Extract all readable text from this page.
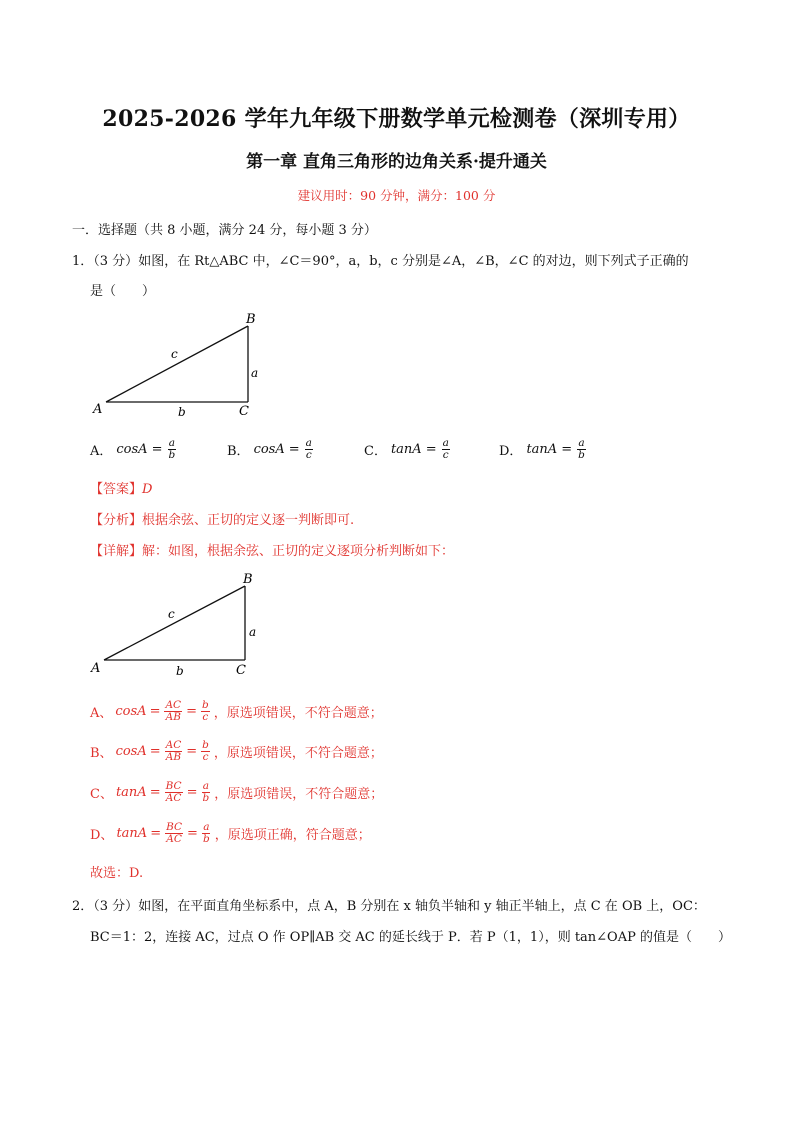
2025-2026 学年九年级下册数学单元检测卷（深圳专用）
第一章 直角三角形的边角关系·提升通关
建议用时：90 分钟，满分：100 分
一．选择题（共 8 小题，满分 24 分，每小题 3 分）
1．（3 分）如图，在 Rt△ABC 中，∠C＝90°，a，b，c 分别是∠A，∠B，∠C 的对边，则下列式子正确的
是（　　）
A
B
C
a
b
c
A． $\cos A = \frac{a}{b}$	B． $\cos A = \frac{a}{c}$	C． $\tan A = \frac{a}{c}$	D． $\tan A = \frac{a}{b}$
【答案】D
【分析】根据余弦、正切的定义逐一判断即可.
【详解】解：如图，根据余弦、正切的定义逐项分析判断如下：
A
B
C
a
b
c
A、 $\cos A = \frac{AC}{AB} = \frac{b}{c}$ ，原选项错误，不符合题意；
B、 $\cos A = \frac{AC}{AB} = \frac{b}{c}$ ，原选项错误，不符合题意；
C、 $\tan A = \frac{BC}{AC} = \frac{a}{b}$ ，原选项错误，不符合题意；
D、 $\tan A = \frac{BC}{AC} = \frac{a}{b}$ ，原选项正确，符合题意；
故选：D.
2．（3 分）如图，在平面直角坐标系中，点 A，B 分别在 x 轴负半轴和 y 轴正半轴上，点 C 在 OB 上，OC：
BC＝1：2，连接 AC，过点 O 作 OP∥AB 交 AC 的延长线于 P．若 P（1，1），则 tan∠OAP 的值是（　　）
